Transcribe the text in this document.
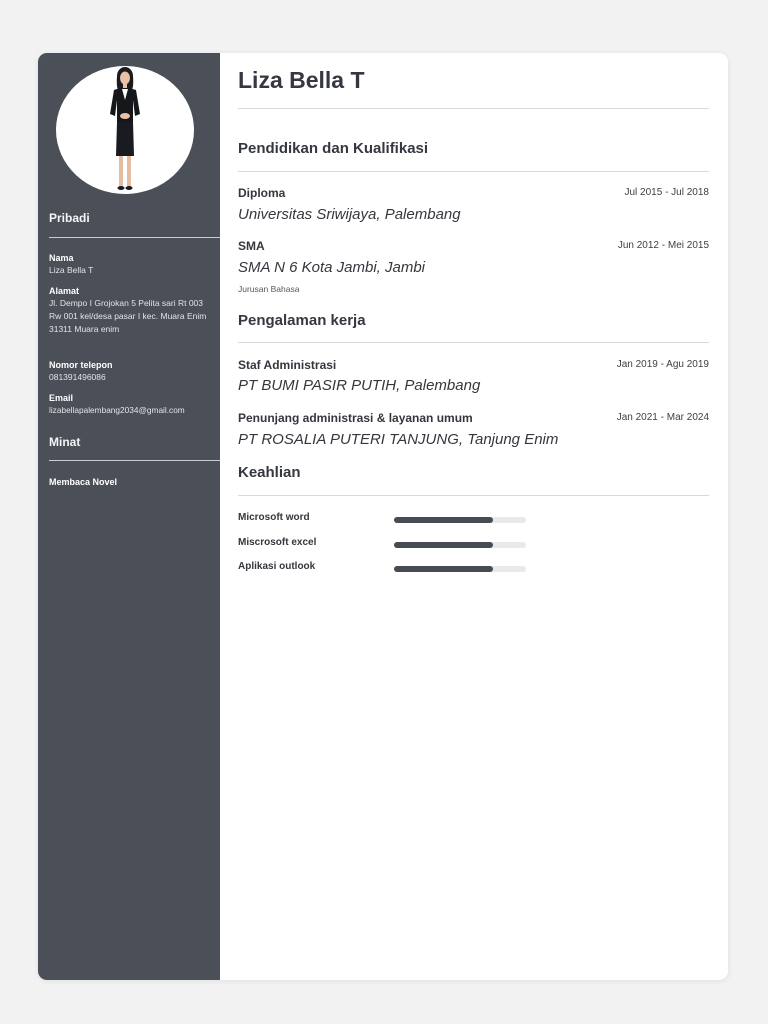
Pribadi
Nama
Liza Bella T
Alamat
Jl. Dempo I Grojokan 5 Pelita sari Rt 003 Rw 001 kel/desa pasar I kec. Muara Enim
31311 Muara enim
Nomor telepon
081391496086
Email
lizabellapalembang2034@gmail.com
Minat
Membaca Novel
Liza Bella T
Pendidikan dan Kualifikasi
Diploma	Jul 2015 - Jul 2018
Universitas Sriwijaya, Palembang
SMA	Jun 2012 - Mei 2015
SMA N 6 Kota Jambi, Jambi
Jurusan Bahasa
Pengalaman kerja
Staf Administrasi	Jan 2019 - Agu 2019
PT BUMI PASIR PUTIH, Palembang
Penunjang administrasi & layanan umum	Jan 2021 - Mar 2024
PT ROSALIA PUTERI TANJUNG, Tanjung Enim
Keahlian
Microsoft word
Miscrosoft excel
Aplikasi outlook
